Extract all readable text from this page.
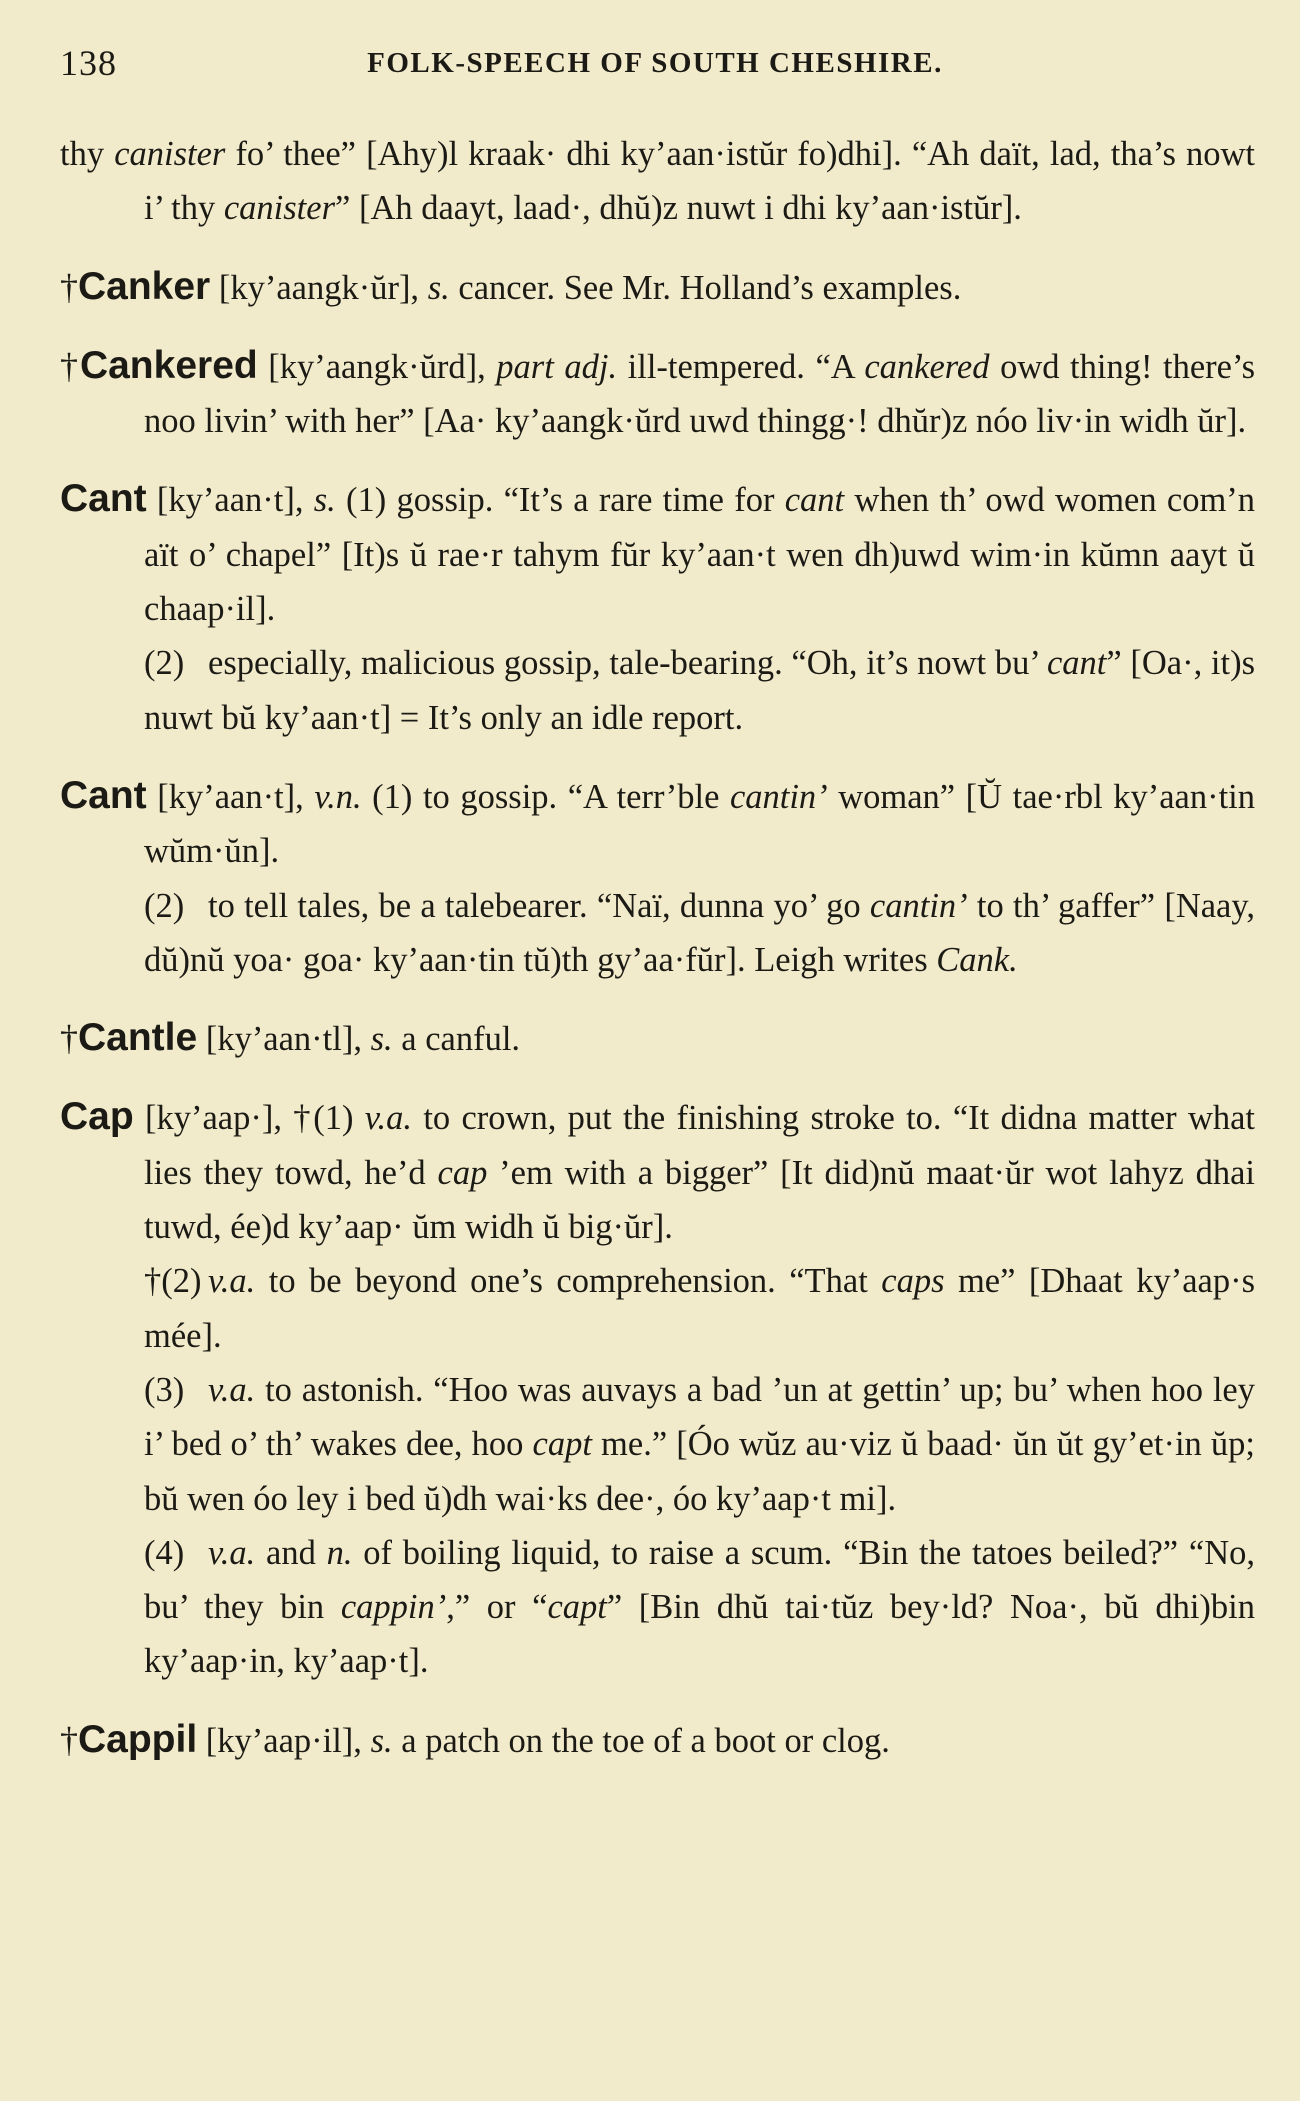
138	FOLK-SPEECH OF SOUTH CHESHIRE.

thy canister fo’ thee” [Ahy)l kraak· dhi ky’aan·istŭr fo)dhi]. “Ah daït, lad, tha’s nowt i’ thy canister” [Ah daayt, laad·, dhŭ)z nuwt i dhi ky’aan·istŭr].

†Canker [ky’aangk·ŭr], s. cancer. See Mr. Holland’s examples.

†Cankered [ky’aangk·ŭrd], part adj. ill-tempered. “A cankered owd thing! there’s noo livin’ with her” [Aa· ky’aangk·ŭrd uwd thingg·! dhŭr)z nóo liv·in widh ŭr].

Cant [ky’aan·t], s. (1) gossip. “It’s a rare time for cant when th’ owd women com’n aït o’ chapel” [It)s ŭ rae·r tahym fŭr ky’aan·t wen dh)uwd wim·in kŭmn aayt ŭ chaap·il].

(2) especially, malicious gossip, tale-bearing. “Oh, it’s nowt bu’ cant” [Oa·, it)s nuwt bŭ ky’aan·t] = It’s only an idle report.

Cant [ky’aan·t], v.n. (1) to gossip. “A terr’ble cantin’ woman” [Ŭ tae·rbl ky’aan·tin wŭm·ŭn].

(2) to tell tales, be a talebearer. “Naï, dunna yo’ go cantin’ to th’ gaffer” [Naay, dŭ)nŭ yoa· goa· ky’aan·tin tŭ)th gy’aa·fŭr]. Leigh writes Cank.

†Cantle [ky’aan·tl], s. a canful.

Cap [ky’aap·], †(1) v.a. to crown, put the finishing stroke to. “It didna matter what lies they towd, he’d cap ’em with a bigger” [It did)nŭ maat·ŭr wot lahyz dhai tuwd, ée)d ky’aap· ŭm widh ŭ big·ŭr].

†(2) v.a. to be beyond one’s comprehension. “That caps me” [Dhaat ky’aap·s mée].

(3) v.a. to astonish. “Hoo was auvays a bad ’un at gettin’ up; bu’ when hoo ley i’ bed o’ th’ wakes dee, hoo capt me.” [Óo wŭz au·viz ŭ baad· ŭn ŭt gy’et·in ŭp; bŭ wen óo ley i bed ŭ)dh wai·ks dee·, óo ky’aap·t mi].

(4) v.a. and n. of boiling liquid, to raise a scum. “Bin the tatoes beiled?” “No, bu’ they bin cappin’,” or “capt” [Bin dhŭ tai·tŭz bey·ld? Noa·, bŭ dhi)bin ky’aap·in, ky’aap·t].

†Cappil [ky’aap·il], s. a patch on the toe of a boot or clog.
